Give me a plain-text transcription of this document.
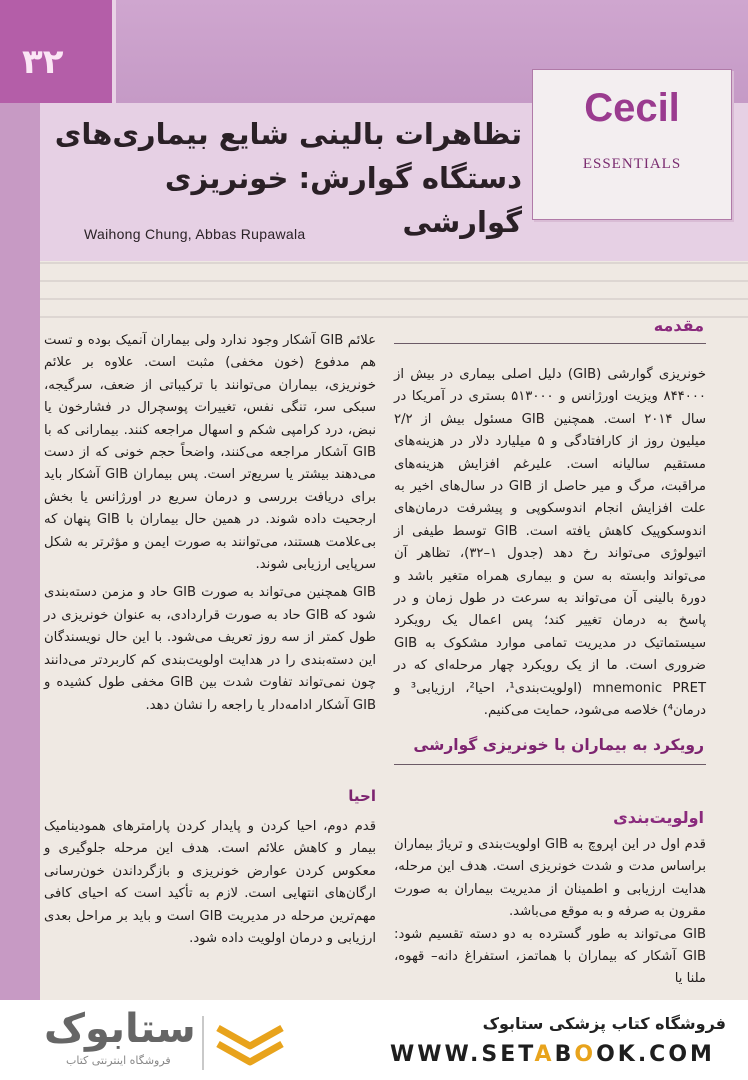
۳۲
تظاهرات بالینی شایع بیماری‌های
دستگاه گوارش: خونریزی گوارشی
Waihong Chung, Abbas Rupawala
Cecil
ESSENTIALS
مقدمه

خونریزی گوارشی (GIB) دلیل اصلی بیماری در بیش از ۸۴۴۰۰۰ ویزیت اورژانس و ۵۱۳۰۰۰ بستری در آمریکا در سال ۲۰۱۴ است. همچنین GIB مسئول بیش از ۲/۲ میلیون روز از کارافتادگی و ۵ میلیارد دلار در هزینه‌های مستقیم سالیانه است. علیرغم افزایش هزینه‌های مراقبت، مرگ و میر حاصل از GIB در سال‌های اخیر به علت افزایش انجام اندوسکوپی و پیشرفت درمان‌های اندوسکوپیک کاهش یافته است. GIB توسط طیفی از اتیولوژی می‌تواند رخ دهد (جدول ۱–۳۲)، تظاهر آن می‌تواند وابسته به سن و بیماری همراه متغیر باشد و دورهٔ بالینی آن می‌تواند به سرعت در طول زمان و در پاسخ به درمان تغییر کند؛ پس اعمال یک رویکرد سیستماتیک در مدیریت تمامی موارد مشکوک به GIB ضروری است. ما از یک رویکرد چهار مرحله‌ای که در mnemonic PRET (اولویت‌بندی¹، احیا²، ارزیابی³ و درمان⁴) خلاصه می‌شود، حمایت می‌کنیم.

رویکرد به بیماران با خونریزی گوارشی
اولویت‌بندی

قدم اول در این اپروچ به GIB اولویت‌بندی و تریاژ بیماران براساس مدت و شدت خونریزی است. هدف این مرحله، هدایت ارزیابی و اطمینان از مدیریت بیماران به صورت مقرون به صرفه و به موقع می‌باشد.

GIB می‌تواند به طور گسترده به دو دسته تقسیم شود: GIB آشکار که بیماران با هماتمز، استفراغ دانه– قهوه، ملنا یا

علائم GIB آشکار وجود ندارد ولی بیماران آنمیک بوده و تست هم مدفوع (خون مخفی) مثبت است. علاوه بر علائم خونریزی، بیماران می‌توانند با ترکیباتی از ضعف، سرگیجه، سبکی سر، تنگی نفس، تغییرات پوسچرال در فشارخون یا نبض، درد کرامپی شکم و اسهال مراجعه کنند. بیمارانی که با GIB آشکار مراجعه می‌کنند، واضحاً حجم خونی که از دست می‌دهند بیشتر یا سریع‌تر است. پس بیماران GIB آشکار باید برای دریافت بررسی و درمان سریع در اورژانس یا بخش ارجحیت داده شوند. در همین حال بیماران با GIB پنهان که بی‌علامت هستند، می‌توانند به صورت ایمن و مؤثرتر به شکل سرپایی ارزیابی شوند.

GIB همچنین می‌تواند به صورت GIB حاد و مزمن دسته‌بندی شود که GIB حاد به صورت قراردادی، به عنوان خونریزی در طول کمتر از سه روز تعریف می‌شود. با این حال نویسندگان این دسته‌بندی را در هدایت اولویت‌بندی کم کاربردتر می‌دانند چون نمی‌تواند تفاوت شدت بین GIB مخفی طول کشیده و GIB آشکار ادامه‌دار یا راجعه را نشان دهد.

احیا

قدم دوم، احیا کردن و پایدار کردن پارامترهای همودینامیک بیمار و کاهش علائم است. هدف این مرحله جلوگیری و معکوس کردن عوارض خونریزی و بازگرداندن خون‌رسانی ارگان‌های انتهایی است. لازم به تأکید است که احیای کافی مهم‌ترین مرحله در مدیریت GIB است و باید بر مراحل بعدی ارزیابی و درمان اولویت داده شود.

فروشگاه کتاب پزشکی ستابوک
WWW.SETABOOK.COM
ستابوک
فروشگاه اینترنتی کتاب
